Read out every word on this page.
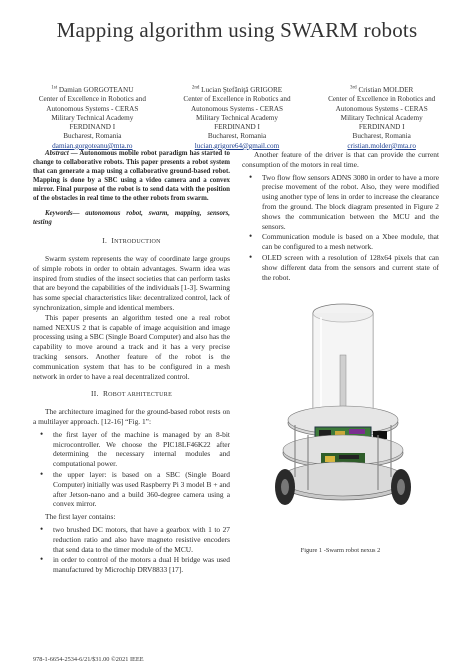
Mapping algorithm using SWARM robots
$^{1st}$ Damian GORGOTEANU
Center of Excellence in Robotics and
Autonomous Systems - CERAS
Military Technical Academy
FERDINAND I
Bucharest, Romania
damian.gorgoteanu@mta.ro
$^{2nd}$ Lucian Ştefăniţă GRIGORE
Center of Excellence in Robotics and
Autonomous Systems - CERAS
Military Technical Academy
FERDINAND I
Bucharest, Romania
lucian.grigore64@gmail.com
$^{3rd}$ Cristian MOLDER
Center of Excellence in Robotics and
Autonomous Systems - CERAS
Military Technical Academy
FERDINAND I
Bucharest, Romania
cristian.molder@mta.ro

Abstract — Autonomous mobile robot paradigm has started to change to collaborative robots. This paper presents a robot system that can generate a map using a collaborative ground-based robot. Mapping is done by a SBC using a video camera and a convex mirror. Final purpose of the robot is to send data with the position of the obstacles in real time to the other robots from swarm.

Keywords— autonomous robot, swarm, mapping, sensors, testing

I. INTRODUCTION

Swarm system represents the way of coordinate large groups of simple robots in order to obtain advantages. Swarm idea was inspired from studies of the insect societies that can perform tasks that are beyond the capabilities of the individuals [1-3]. Swarming has some special characteristics like: decentralized control, lack of synchronization, simple and identical members.

This paper presents an algorithm tested one a real robot named NEXUS 2 that is capable of image acquisition and image processing using a SBC (Single Board Computer) and also has the capability to move around a track and it has a very precise tracking sensors. Another feature of the robot is the communication system that has to be configured in a mesh network in order to have a real decentralized control.

II. ROBOT ARHITECTURE

The architecture imagined for the ground-based robot rests on a multilayer approach. [12-16] “Fig. 1”:

• the first layer of the machine is managed by an 8-bit microcontroller. We choose the PIC18LF46K22 after determining the necessary internal modules and computational power.
• the upper layer: is based on a SBC (Single Board Computer) initially was used Raspberry Pi 3 model B + and after Jetson-nano and a build 360-degree camera using a convex mirror.

The first layer contains:

• two brushed DC motors, that have a gearbox with 1 to 27 reduction ratio and also have magneto resistive encoders that send data to the timer module of the MCU.
• in order to control of the motors a dual H bridge was used manufactured by Microchip DRV8833 [17].

Another feature of the driver is that can provide the current consumption of the motors in real time.

• Two flow flow sensors ADNS 3080 in order to have a more precise movement of the robot. Also, they were modified using another type of lens in order to increase the clearance from the ground. The block diagram presented in Figure 2 shows the communication between the MCU and the sensors.
• Communication module is based on a Xbee module, that can be configured to a mesh network.
• OLED screen with a resolution of 128x64 pixels that can show different data from the sensors and current state of the robot.
Figure 1 -Swarm robot nexus 2
978-1-6654-2534-6/21/$31.00 ©2021 IEEE
